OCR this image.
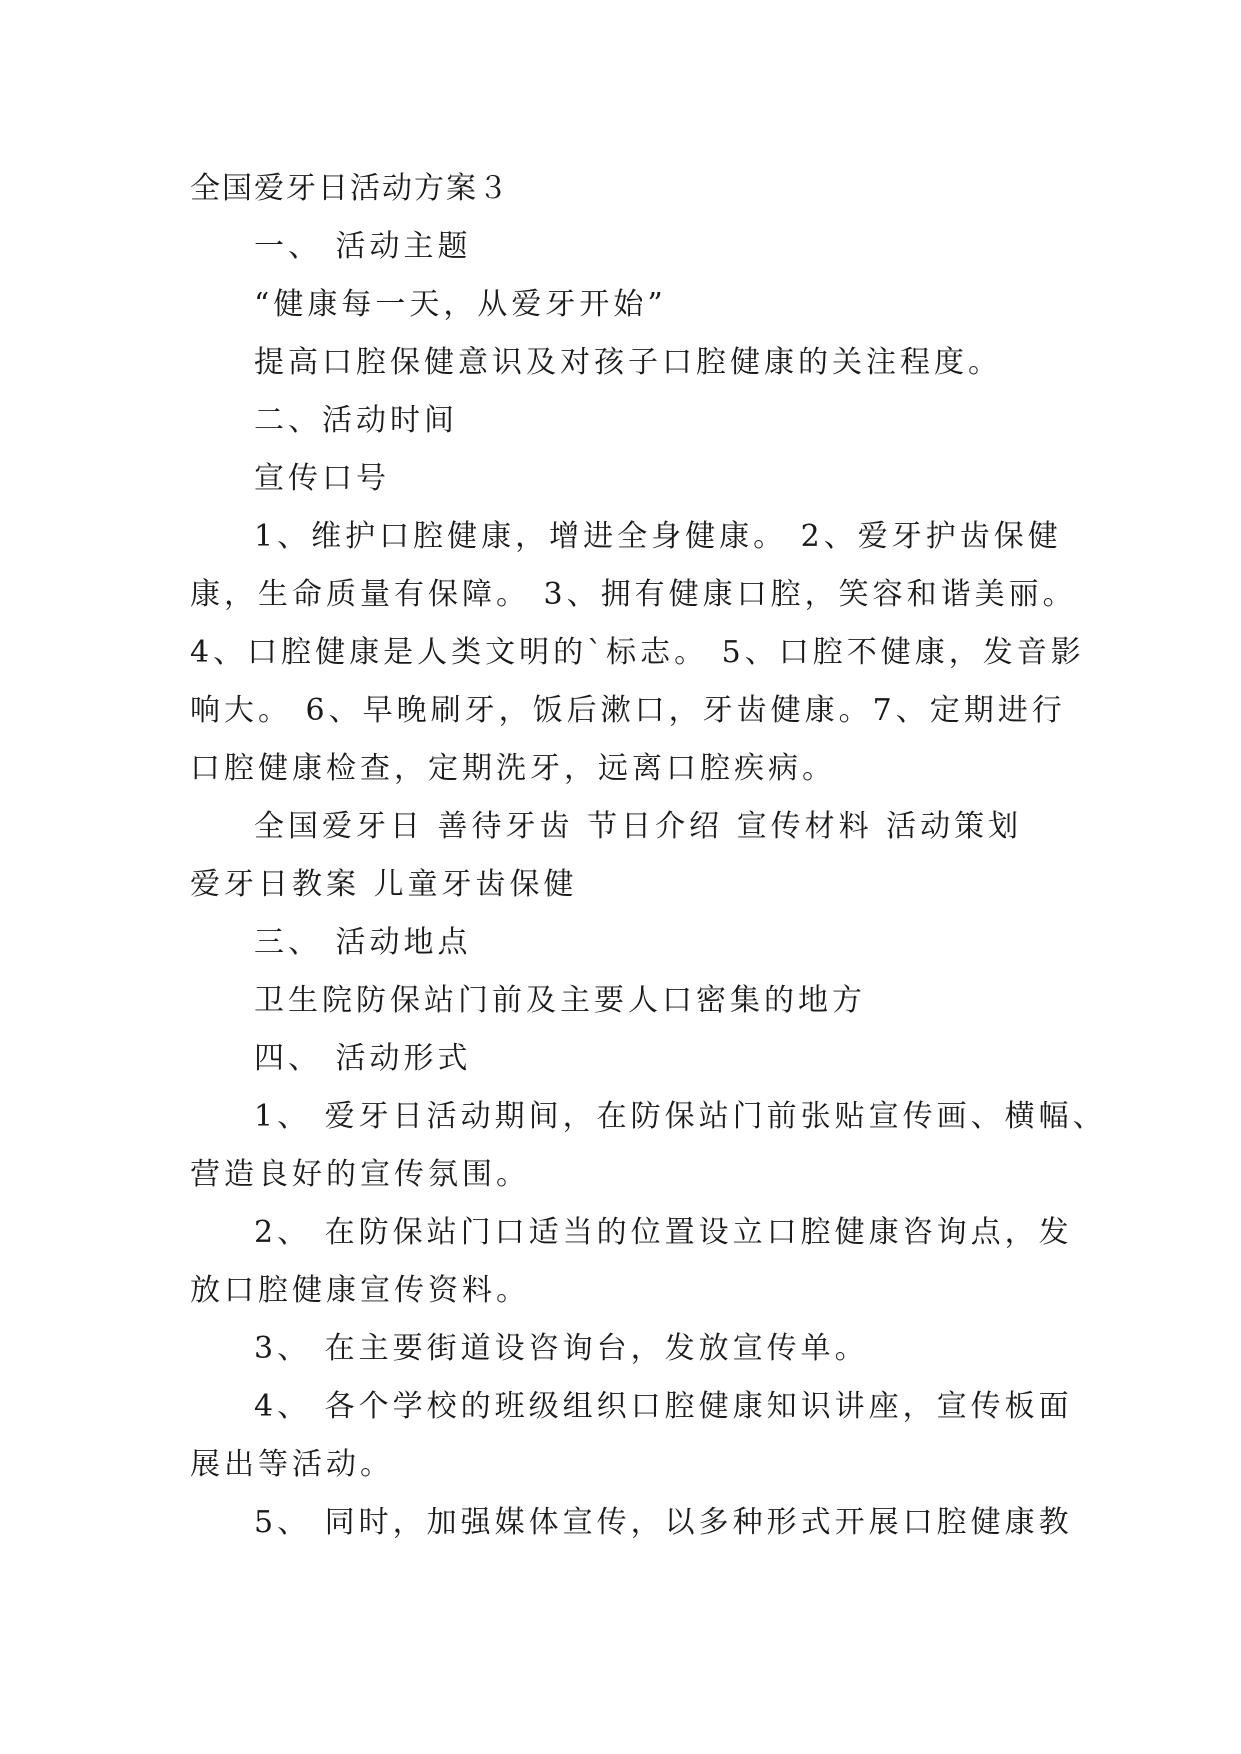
全国爱牙日活动方案３
一、 活动主题
“健康每一天，从爱牙开始”
提高口腔保健意识及对孩子口腔健康的关注程度。
二、活动时间
宣传口号
1、维护口腔健康，增进全身健康。 2、爱牙护齿保健
康，生命质量有保障。 3、拥有健康口腔，笑容和谐美丽。
4、口腔健康是人类文明的`标志。 5、口腔不健康，发音影
响大。 6、早晚刷牙，饭后漱口，牙齿健康。7、定期进行
口腔健康检查，定期洗牙，远离口腔疾病。
全国爱牙日 善待牙齿 节日介绍 宣传材料 活动策划
爱牙日教案 儿童牙齿保健
三、 活动地点
卫生院防保站门前及主要人口密集的地方
四、 活动形式
1、 爱牙日活动期间，在防保站门前张贴宣传画、横幅、
营造良好的宣传氛围。
2、 在防保站门口适当的位置设立口腔健康咨询点，发
放口腔健康宣传资料。
3、 在主要街道设咨询台，发放宣传单。
4、 各个学校的班级组织口腔健康知识讲座，宣传板面
展出等活动。
5、 同时，加强媒体宣传，以多种形式开展口腔健康教
